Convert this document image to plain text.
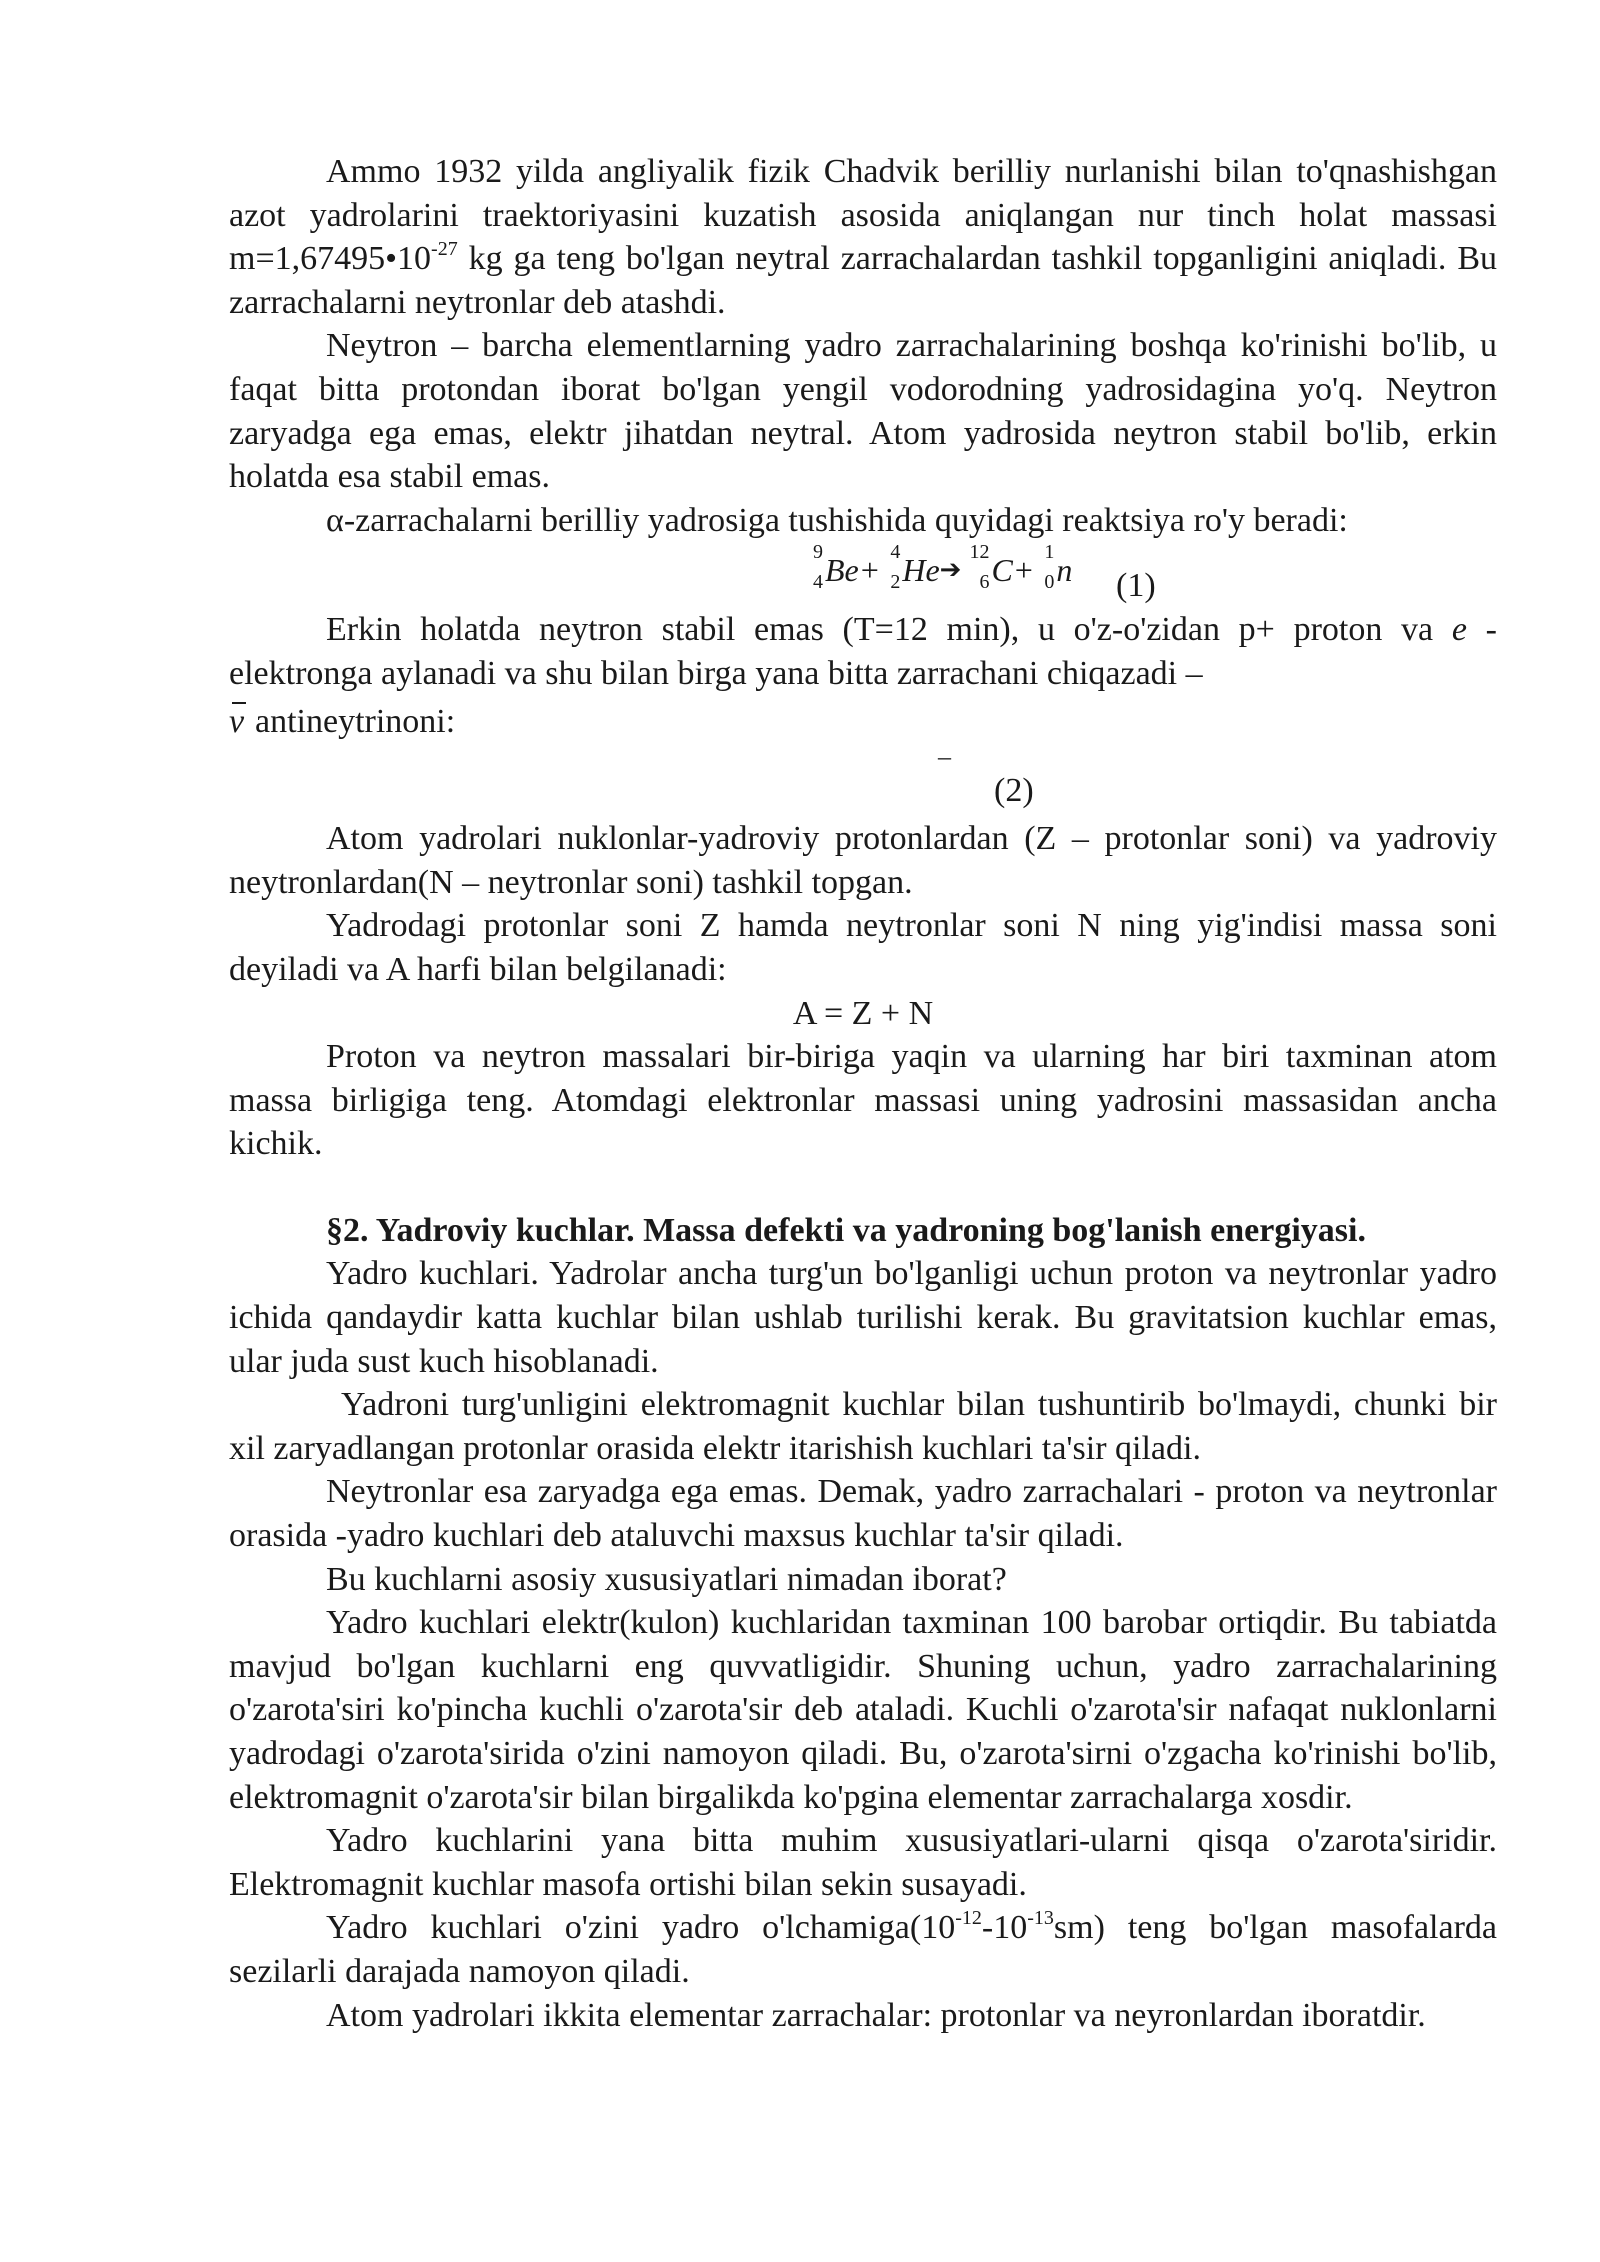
Ammo 1932 yilda angliyalik fizik Chadvik berilliy nurlanishi bilan to'qnashishgan azot yadrolarini traektoriyasini kuzatish asosida aniqlangan nur tinch holat massasi $m=1,67495•10^{-27}$ kg ga teng bo'lgan neytral zarrachalardan tashkil topganligini aniqladi. Bu zarrachalarni neytronlar deb atashdi.

Neytron – barcha elementlarning yadro zarrachalarining boshqa ko'rinishi bo'lib, u faqat bitta protondan iborat bo'lgan yengil vodorodning yadrosidagina yo'q. Neytron zaryadga ega emas, elektr jihatdan neytral. Atom yadrosida neytron stabil bo'lib, erkin holatda esa stabil emas.

α-zarrachalarni berilliy yadrosiga tushishida quyidagi reaktsiya ro'y beradi:

9
4 Be+ 4
2 He➔
12
6 C+ 1
0 n (1)

Erkin holatda neytron stabil emas (T=12 min), u o'z-o'zidan p+ proton va e - elektronga aylanadi va shu bilan birga yana bitta zarrachani chiqazadi –

ν antineytrinoni:

–
(2)

Atom yadrolari nuklonlar-yadroviy protonlardan (Z – protonlar soni) va yadroviy neytronlardan(N – neytronlar soni) tashkil topgan.

Yadrodagi protonlar soni Z hamda neytronlar soni N ning yig'indisi massa soni deyiladi va A harfi bilan belgilanadi:

A = Z + N

Proton va neytron massalari bir-biriga yaqin va ularning har biri taxminan atom massa birligiga teng. Atomdagi elektronlar massasi uning yadrosini massasidan ancha kichik.

§2. Yadroviy kuchlar. Massa defekti va yadroning bog'lanish energiyasi.

Yadro kuchlari. Yadrolar ancha turg'un bo'lganligi uchun proton va neytronlar yadro ichida qandaydir katta kuchlar bilan ushlab turilishi kerak. Bu gravitatsion kuchlar emas, ular juda sust kuch hisoblanadi.

Yadroni turg'unligini elektromagnit kuchlar bilan tushuntirib bo'lmaydi, chunki bir xil zaryadlangan protonlar orasida elektr itarishish kuchlari ta'sir qiladi.

Neytronlar esa zaryadga ega emas. Demak, yadro zarrachalari - proton va neytronlar orasida -yadro kuchlari deb ataluvchi maxsus kuchlar ta'sir qiladi.

Bu kuchlarni asosiy xususiyatlari nimadan iborat?

Yadro kuchlari elektr(kulon) kuchlaridan taxminan 100 barobar ortiqdir. Bu tabiatda mavjud bo'lgan kuchlarni eng quvvatligidir. Shuning uchun, yadro zarrachalarining o'zarota'siri ko'pincha kuchli o'zarota'sir deb ataladi. Kuchli o'zarota'sir nafaqat nuklonlarni yadrodagi o'zarota'sirida o'zini namoyon qiladi. Bu, o'zarota'sirni o'zgacha ko'rinishi bo'lib, elektromagnit o'zarota'sir bilan birgalikda ko'pgina elementar zarrachalarga xosdir.

Yadro kuchlarini yana bitta muhim xususiyatlari-ularni qisqa o'zarota'siridir. Elektromagnit kuchlar masofa ortishi bilan sekin susayadi.

Yadro kuchlari o'zini yadro $o'lchamiga(10^{-12}-10^{-13}sm)$ teng bo'lgan masofalarda sezilarli darajada namoyon qiladi.

Atom yadrolari ikkita elementar zarrachalar: protonlar va neyronlardan iboratdir.
